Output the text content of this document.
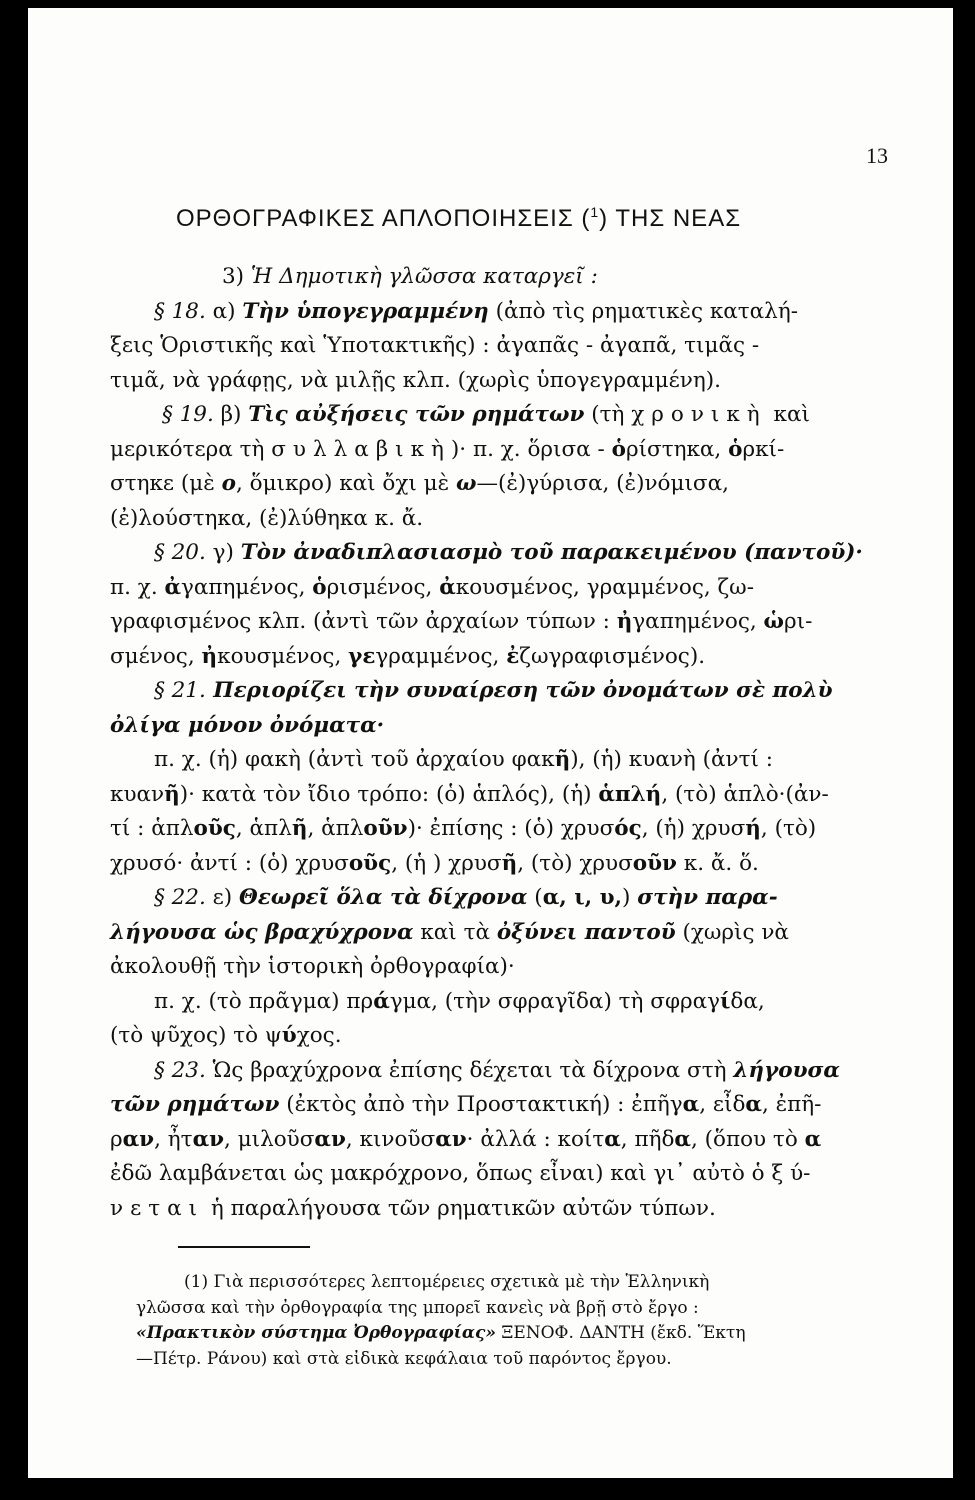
13
ΟΡΘΟΓΡΑΦΙΚΕΣ ΑΠΛΟΠΟΙΗΣΕΙΣ ($^1$) ΤΗΣ ΝΕΑΣ
3) Ἡ Δημοτικὴ γλῶσσα καταργεῖ :
§ 18. α) Τὴν ὑπογεγραμμένη (ἀπὸ τὶς ρηματικὲς καταλή-
ξεις Ὁριστικῆς καὶ Ὑποτακτικῆς) : ἀγαπᾶς - ἀγαπᾶ, τιμᾶς -
τιμᾶ, νὰ γράφῃς, νὰ μιλῇς κλπ. (χωρὶς ὑπογεγραμμένη).
§ 19. β) Τὶς αὐξήσεις τῶν ρημάτων (τὴ χρονικὴ καὶ
μερικότερα τὴ συλλαβικὴ)· π. χ. ὅρισα - ὁρίστηκα, ὁρκί-
στηκε (μὲ ο, ὅμικρο) καὶ ὄχι μὲ ω—(ἐ)γύρισα, (ἐ)νόμισα,
(ἐ)λούστηκα, (ἐ)λύθηκα κ. ἄ.
§ 20. γ) Τὸν ἀναδιπλασιασμὸ τοῦ παρακειμένου (παντοῦ)·
π. χ. ἀγαπημένος, ὁρισμένος, ἀκουσμένος, γραμμένος, ζω-
γραφισμένος κλπ. (ἀντὶ τῶν ἀρχαίων τύπων : ἠγαπημένος, ὡρι-
σμένος, ἠκουσμένος, γεγραμμένος, ἐζωγραφισμένος).
§ 21. Περιορίζει τὴν συναίρεση τῶν ὀνομάτων σὲ πολὺ
ὀλίγα μόνον ὀνόματα·
π. χ. (ἡ) φακὴ (ἀντὶ τοῦ ἀρχαίου φακῆ), (ἡ) κυανὴ (ἀντί :
κυανῆ)· κατὰ τὸν ἴδιο τρόπο: (ὁ) ἁπλός), (ἡ) ἁπλή, (τὸ) ἁπλὸ·(ἀν-
τί : ἁπλοῦς, ἁπλῆ, ἁπλοῦν)· ἐπίσης : (ὁ) χρυσός, (ἡ) χρυσή, (τὸ)
χρυσό· ἀντί : (ὁ) χρυσοῦς, (ἡ ) χρυσῆ, (τὸ) χρυσοῦν κ. ἄ. ὅ.
§ 22. ε) Θεωρεῖ ὅλα τὰ δίχρονα (α, ι, υ,) στὴν παρα-
λήγουσα ὡς βραχύχρονα καὶ τὰ ὀξύνει παντοῦ (χωρὶς νὰ
ἀκολουθῇ τὴν ἱστορικὴ ὀρθογραφία)·
π. χ. (τὸ πρᾶγμα) πράγμα, (τὴν σφραγῖδα) τὴ σφραγίδα,
(τὸ ψῦχος) τὸ ψύχος.
§ 23. Ὡς βραχύχρονα ἐπίσης δέχεται τὰ δίχρονα στὴ λήγουσα
τῶν ρημάτων (ἐκτὸς ἀπὸ τὴν Προστακτική) : ἐπῆγα, εἶδα, ἐπῆ-
ραν, ἦταν, μιλοῦσαν, κινοῦσαν· ἀλλά : κοίτα, πῆδα, (ὅπου τὸ α
ἐδῶ λαμβάνεται ὡς μακρόχρονο, ὅπως εἶναι) καὶ γι᾽ αὐτὸ ὁ ξ ύ-
νεται ἡ παραλήγουσα τῶν ρηματικῶν αὐτῶν τύπων.
(1) Γιὰ περισσότερες λεπτομέρειες σχετικὰ μὲ τὴν Ἑλληνικὴ
γλῶσσα καὶ τὴν ὀρθογραφία της μπορεῖ κανεὶς νὰ βρῇ στὸ ἔργο :
«Πρακτικὸν σύστημα Ὀρθογραφίας» ΞΕΝΟΦ. ΔΑΝΤΗ (ἔκδ. Ἕκτη
—Πέτρ. Ράνου) καὶ στὰ εἰδικὰ κεφάλαια τοῦ παρόντος ἔργου.
